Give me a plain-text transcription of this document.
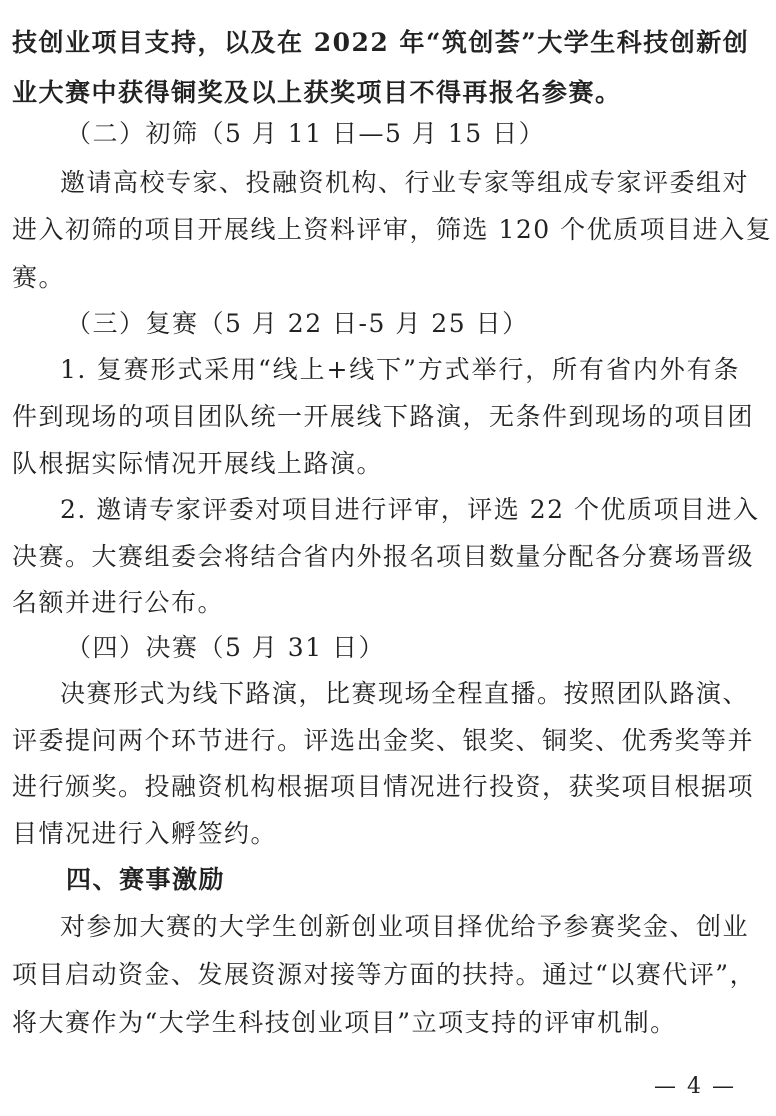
技创业项目支持，以及在 2022 年“筑创荟”大学生科技创新创
业大赛中获得铜奖及以上获奖项目不得再报名参赛。
（二）初筛（5 月 11 日—5 月 15 日）
邀请高校专家、投融资机构、行业专家等组成专家评委组对
进入初筛的项目开展线上资料评审，筛选 120 个优质项目进入复
赛。
（三）复赛（5 月 22 日-5 月 25 日）
1. 复赛形式采用“线上+线下”方式举行，所有省内外有条
件到现场的项目团队统一开展线下路演，无条件到现场的项目团
队根据实际情况开展线上路演。
2. 邀请专家评委对项目进行评审，评选 22 个优质项目进入
决赛。大赛组委会将结合省内外报名项目数量分配各分赛场晋级
名额并进行公布。
（四）决赛（5 月 31 日）
决赛形式为线下路演，比赛现场全程直播。按照团队路演、
评委提问两个环节进行。评选出金奖、银奖、铜奖、优秀奖等并
进行颁奖。投融资机构根据项目情况进行投资，获奖项目根据项
目情况进行入孵签约。
四、赛事激励
对参加大赛的大学生创新创业项目择优给予参赛奖金、创业
项目启动资金、发展资源对接等方面的扶持。通过“以赛代评”，
将大赛作为“大学生科技创业项目”立项支持的评审机制。
— 4 —
